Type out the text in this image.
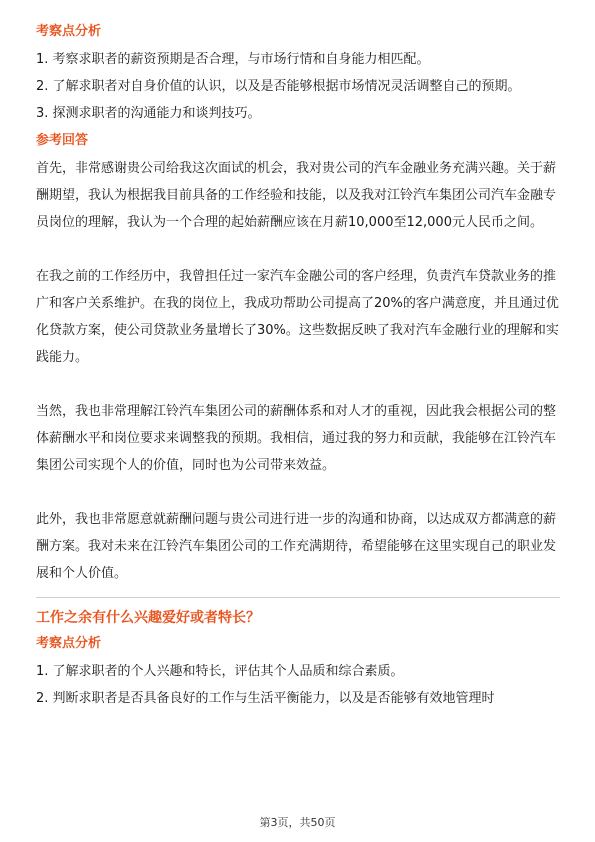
考察点分析

1. 考察求职者的薪资预期是否合理，与市场行情和自身能力相匹配。

2. 了解求职者对自身价值的认识，以及是否能够根据市场情况灵活调整自己的预期。

3. 探测求职者的沟通能力和谈判技巧。

参考回答

首先，非常感谢贵公司给我这次面试的机会，我对贵公司的汽车金融业务充满兴趣。关于薪酬期望，我认为根据我目前具备的工作经验和技能，以及我对江铃汽车集团公司汽车金融专员岗位的理解，我认为一个合理的起始薪酬应该在月薪10,000至12,000元人民币之间。

在我之前的工作经历中，我曾担任过一家汽车金融公司的客户经理，负责汽车贷款业务的推广和客户关系维护。在我的岗位上，我成功帮助公司提高了20%的客户满意度，并且通过优化贷款方案，使公司贷款业务量增长了30%。这些数据反映了我对汽车金融行业的理解和实践能力。

当然，我也非常理解江铃汽车集团公司的薪酬体系和对人才的重视，因此我会根据公司的整体薪酬水平和岗位要求来调整我的预期。我相信，通过我的努力和贡献，我能够在江铃汽车集团公司实现个人的价值，同时也为公司带来效益。

此外，我也非常愿意就薪酬问题与贵公司进行进一步的沟通和协商，以达成双方都满意的薪酬方案。我对未来在江铃汽车集团公司的工作充满期待，希望能够在这里实现自己的职业发展和个人价值。

工作之余有什么兴趣爱好或者特长？
考察点分析

1. 了解求职者的个人兴趣和特长，评估其个人品质和综合素质。

2. 判断求职者是否具备良好的工作与生活平衡能力，以及是否能够有效地管理时

第3页，共50页
